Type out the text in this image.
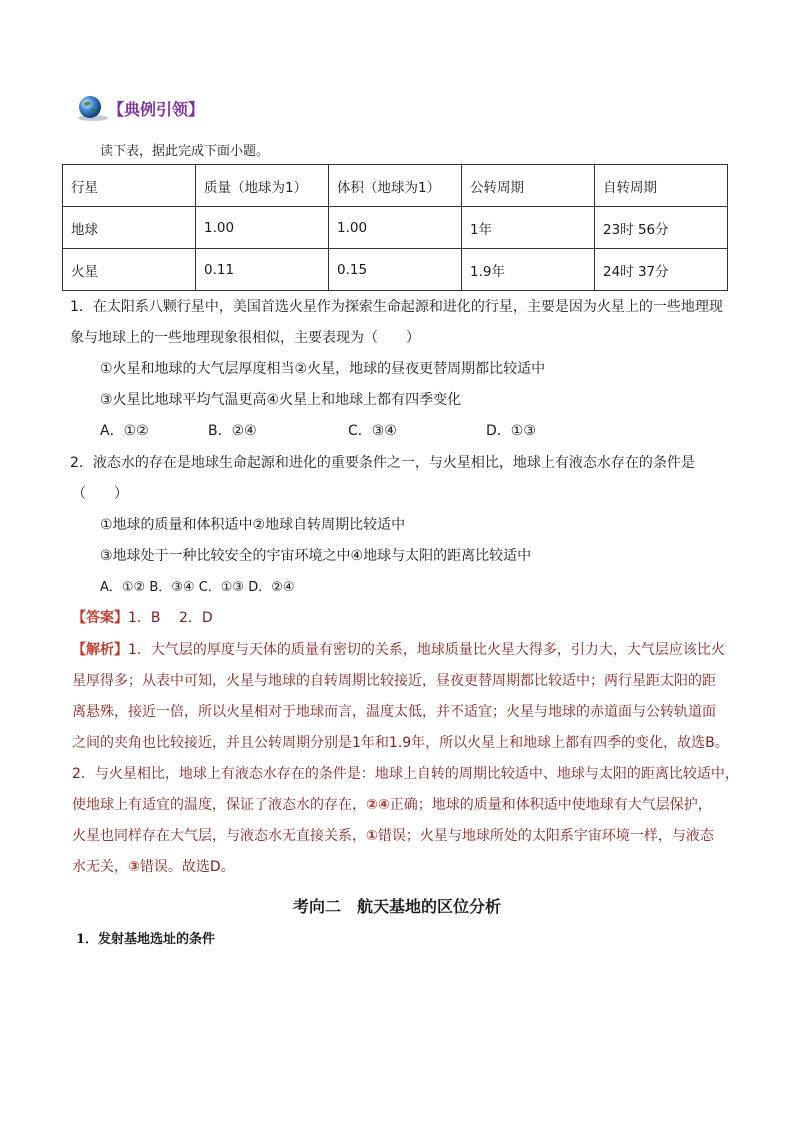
【典例引领】
读下表，据此完成下面小题。
行星	质量（地球为1）	体积（地球为1）	公转周期	自转周期
地球	1.00	1.00	1年	23时 56分
火星	0.11	0.15	1.9年	24时 37分
1．在太阳系八颗行星中，美国首选火星作为探索生命起源和进化的行星，主要是因为火星上的一些地理现
象与地球上的一些地理现象很相似，主要表现为（　　）
①火星和地球的大气层厚度相当②火星，地球的昼夜更替周期都比较适中
③火星比地球平均气温更高④火星上和地球上都有四季变化
A．①②	B．②④	C．③④	D．①③
2．液态水的存在是地球生命起源和进化的重要条件之一，与火星相比，地球上有液态水存在的条件是
（　　）
①地球的质量和体积适中②地球自转周期比较适中
③地球处于一种比较安全的宇宙环境之中④地球与太阳的距离比较适中
A．①② B．③④ C．①③ D．②④
【答案】1．B　 2．D
【解析】1．大气层的厚度与天体的质量有密切的关系，地球质量比火星大得多，引力大，大气层应该比火
星厚得多；从表中可知，火星与地球的自转周期比较接近，昼夜更替周期都比较适中；两行星距太阳的距
离悬殊，接近一倍，所以火星相对于地球而言，温度太低，并不适宜；火星与地球的赤道面与公转轨道面
之间的夹角也比较接近，并且公转周期分别是1年和1.9年，所以火星上和地球上都有四季的变化，故选B。
2．与火星相比，地球上有液态水存在的条件是：地球上自转的周期比较适中、地球与太阳的距离比较适中，
使地球上有适宜的温度，保证了液态水的存在，②④正确；地球的质量和体积适中使地球有大气层保护，
火星也同样存在大气层，与液态水无直接关系，①错误；火星与地球所处的太阳系宇宙环境一样，与液态
水无关，③错误。故选D。
考向二　航天基地的区位分析
1．发射基地选址的条件
